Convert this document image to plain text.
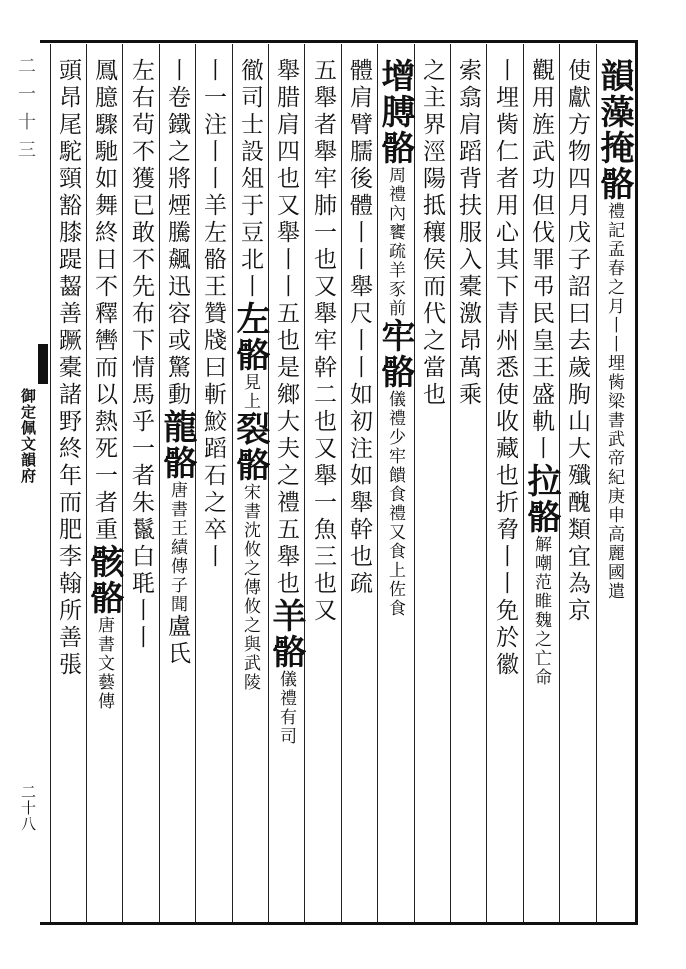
二一十三
御定佩文韻府
二十八
韻藻掩骼禮記孟春之月丨丨埋胔梁書武帝紀庚申高麗國遣
使獻方物四月戊子詔曰去歲朐山大殲醜類宜為京
觀用旌武功但伐罪弔民皇王盛軌丨拉骼解嘲范睢魏之亡命
丨埋胔仁者用心其下青州悉使收藏也折脅丨丨免於徽
索翕肩蹈背扶服入橐激昂萬乘
之主界涇陽抵穰侯而代之當也
增膊骼周禮內饔疏羊豕前牢骼儀禮少牢饋食禮又食上佐食
體肩臂臑後體丨丨舉尺丨丨如初注如舉幹也疏
五舉者舉牢肺一也又舉牢幹二也又舉一魚三也又
舉腊肩四也又舉丨丨五也是鄉大夫之禮五舉也羊骼儀禮有司
徹司士設俎于豆北丨左骼見上裂骼宋書沈攸之傳攸之與武陵
丨一注丨丨羊左骼王贊牋曰斬鮫蹈石之卒丨
丨卷鐵之將煙騰飆迅容或驚動龍骼唐書王績傳子聞盧氏
左右茍不獲已敢不先布下情馬乎一者朱鬣白毦丨丨
鳳臆驟馳如舞終日不釋轡而以熱死一者重骸骼唐書文藝傳
頭昂尾駝頸豁膝踶齧善蹶橐諸野終年而肥李翰所善張
